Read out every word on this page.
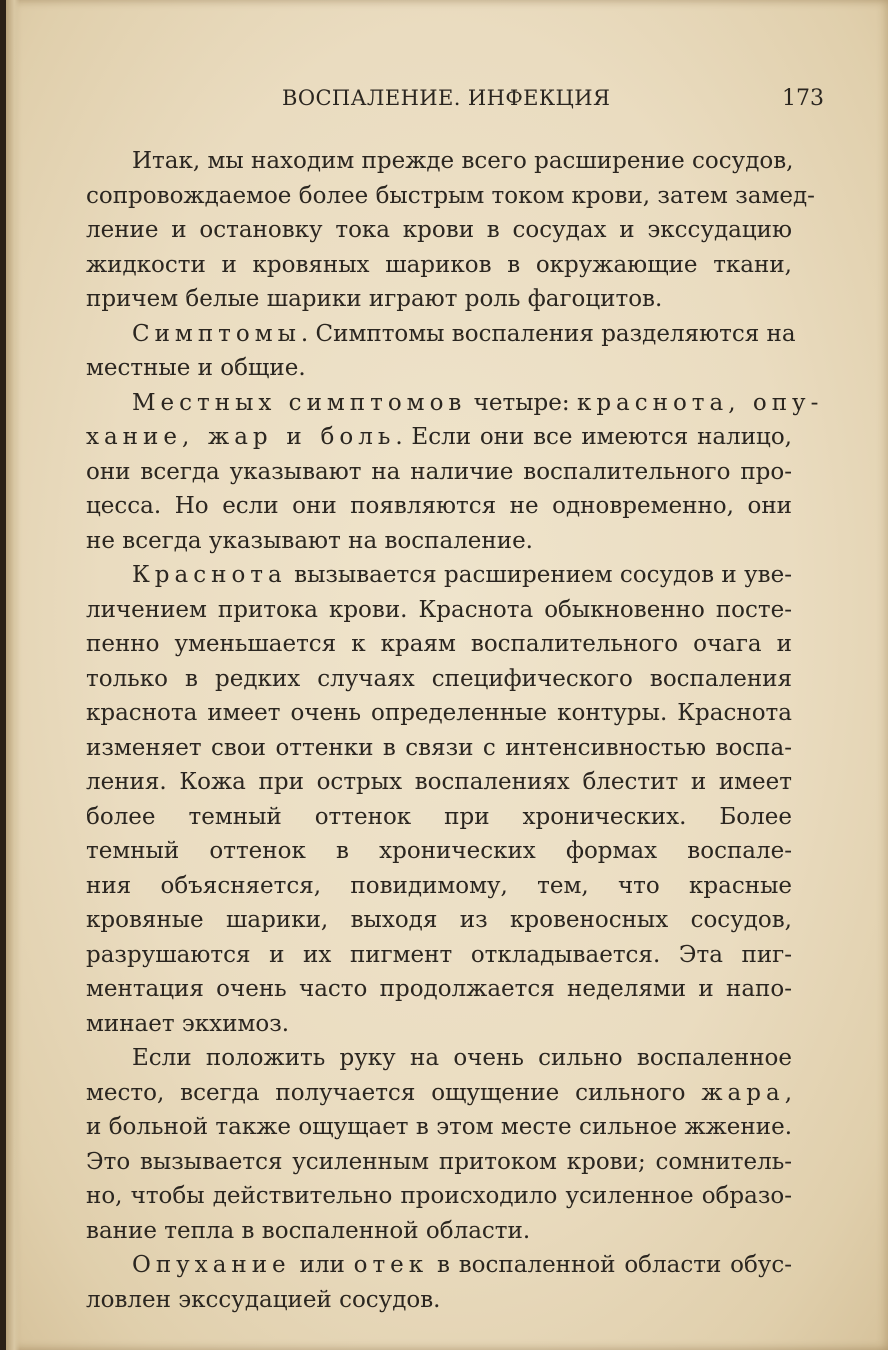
ВОСПАЛЕНИЕ. ИНФЕКЦИЯ	173
Итак, мы находим прежде всего расширение сосудов,
сопровождаемое более быстрым током крови, затем замед-
ление и остановку тока крови в сосудах и экссудацию
жидкости и кровяных шариков в окружающие ткани,
причем белые шарики играют роль фагоцитов.
Симптомы. Симптомы воспаления разделяются на
местные и общие.
Местных симптомов четыре: краснота, опу-
хание, жар и боль. Если они все имеются налицо,
они всегда указывают на наличие воспалительного про-
цесса. Но если они появляются не одновременно, они
не всегда указывают на воспаление.
Краснота вызывается расширением сосудов и уве-
личением притока крови. Краснота обыкновенно посте-
пенно уменьшается к краям воспалительного очага и
только в редких случаях специфического воспаления
краснота имеет очень определенные контуры. Краснота
изменяет свои оттенки в связи с интенсивностью воспа-
ления. Кожа при острых воспалениях блестит и имеет
более темный оттенок при хронических. Более
темный оттенок в хронических формах воспале-
ния объясняется, повидимому, тем, что красные
кровяные шарики, выходя из кровеносных сосудов,
разрушаются и их пигмент откладывается. Эта пиг-
ментация очень часто продолжается неделями и напо-
минает экхимоз.
Если положить руку на очень сильно воспаленное
место, всегда получается ощущение сильного жара,
и больной также ощущает в этом месте сильное жжение.
Это вызывается усиленным притоком крови; сомнитель-
но, чтобы действительно происходило усиленное образо-
вание тепла в воспаленной области.
Опухание или отек в воспаленной области обус-
ловлен экссудацией сосудов.
